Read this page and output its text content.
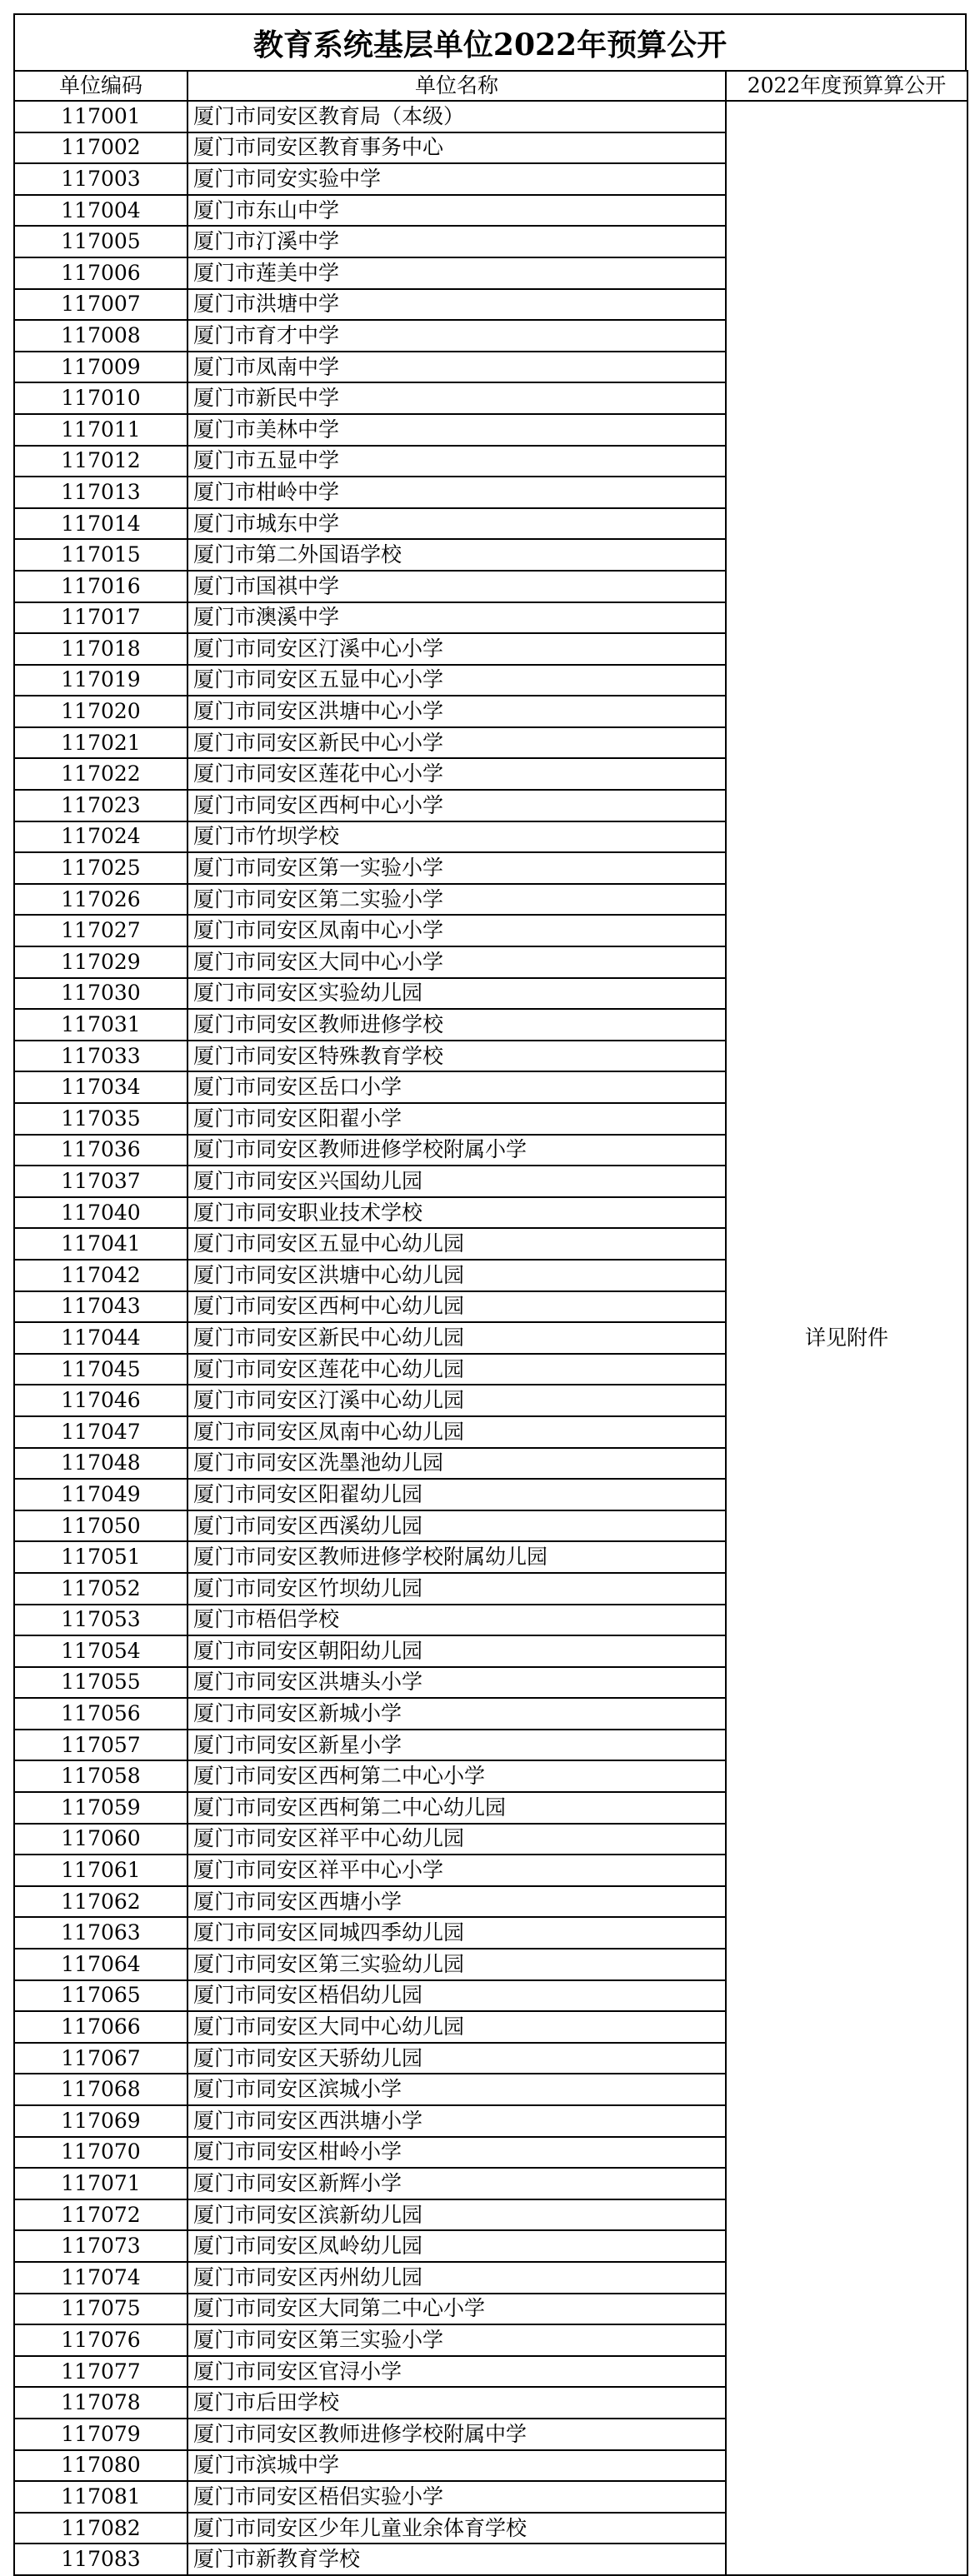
教育系统基层单位2022年预算公开
单位编码	单位名称	2022年度预算算公开

117001	厦门市同安区教育局（本级）	详见附件
117002	厦门市同安区教育事务中心	
117003	厦门市同安实验中学	
117004	厦门市东山中学	
117005	厦门市汀溪中学	
117006	厦门市莲美中学	
117007	厦门市洪塘中学	
117008	厦门市育才中学	
117009	厦门市凤南中学	
117010	厦门市新民中学	
117011	厦门市美林中学	
117012	厦门市五显中学	
117013	厦门市柑岭中学	
117014	厦门市城东中学	
117015	厦门市第二外国语学校	
117016	厦门市国祺中学	
117017	厦门市澳溪中学	
117018	厦门市同安区汀溪中心小学	
117019	厦门市同安区五显中心小学	
117020	厦门市同安区洪塘中心小学	
117021	厦门市同安区新民中心小学	
117022	厦门市同安区莲花中心小学	
117023	厦门市同安区西柯中心小学	
117024	厦门市竹坝学校	
117025	厦门市同安区第一实验小学	
117026	厦门市同安区第二实验小学	
117027	厦门市同安区凤南中心小学	
117029	厦门市同安区大同中心小学	
117030	厦门市同安区实验幼儿园	
117031	厦门市同安区教师进修学校	
117033	厦门市同安区特殊教育学校	
117034	厦门市同安区岳口小学	
117035	厦门市同安区阳翟小学	
117036	厦门市同安区教师进修学校附属小学	
117037	厦门市同安区兴国幼儿园	
117040	厦门市同安职业技术学校	
117041	厦门市同安区五显中心幼儿园	
117042	厦门市同安区洪塘中心幼儿园	
117043	厦门市同安区西柯中心幼儿园	
117044	厦门市同安区新民中心幼儿园	
117045	厦门市同安区莲花中心幼儿园	
117046	厦门市同安区汀溪中心幼儿园	
117047	厦门市同安区凤南中心幼儿园	
117048	厦门市同安区洗墨池幼儿园	
117049	厦门市同安区阳翟幼儿园	
117050	厦门市同安区西溪幼儿园	
117051	厦门市同安区教师进修学校附属幼儿园	
117052	厦门市同安区竹坝幼儿园	
117053	厦门市梧侣学校	
117054	厦门市同安区朝阳幼儿园	
117055	厦门市同安区洪塘头小学	
117056	厦门市同安区新城小学	
117057	厦门市同安区新星小学	
117058	厦门市同安区西柯第二中心小学	
117059	厦门市同安区西柯第二中心幼儿园	
117060	厦门市同安区祥平中心幼儿园	
117061	厦门市同安区祥平中心小学	
117062	厦门市同安区西塘小学	
117063	厦门市同安区同城四季幼儿园	
117064	厦门市同安区第三实验幼儿园	
117065	厦门市同安区梧侣幼儿园	
117066	厦门市同安区大同中心幼儿园	
117067	厦门市同安区天骄幼儿园	
117068	厦门市同安区滨城小学	
117069	厦门市同安区西洪塘小学	
117070	厦门市同安区柑岭小学	
117071	厦门市同安区新辉小学	
117072	厦门市同安区滨新幼儿园	
117073	厦门市同安区凤岭幼儿园	
117074	厦门市同安区丙州幼儿园	
117075	厦门市同安区大同第二中心小学	
117076	厦门市同安区第三实验小学	
117077	厦门市同安区官浔小学	
117078	厦门市后田学校	
117079	厦门市同安区教师进修学校附属中学	
117080	厦门市滨城中学	
117081	厦门市同安区梧侣实验小学	
117082	厦门市同安区少年儿童业余体育学校	
117083	厦门市新教育学校	
